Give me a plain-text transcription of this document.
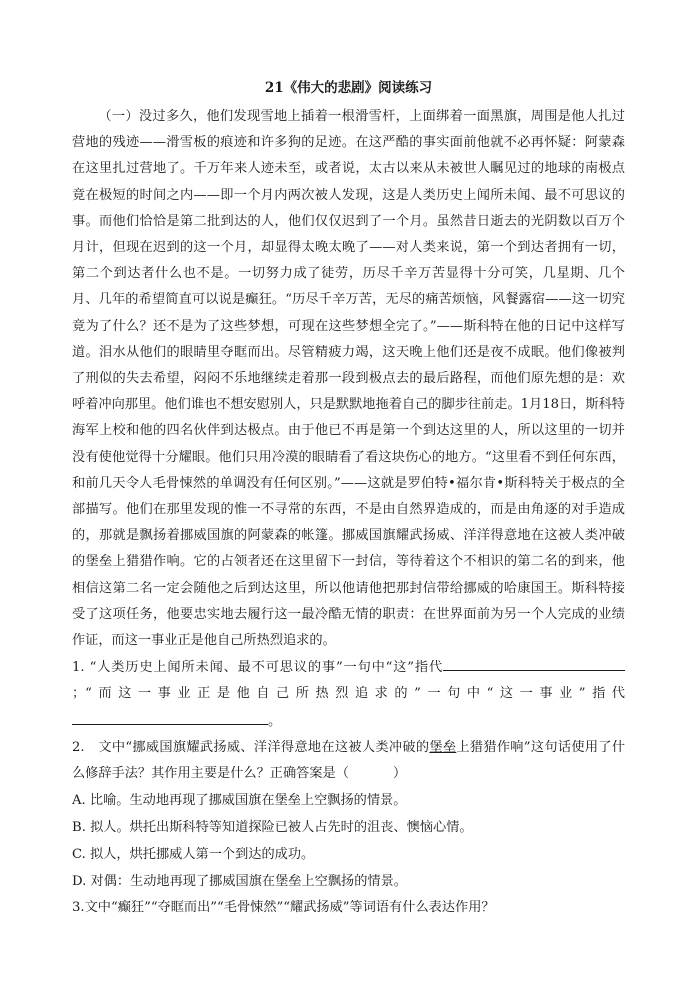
21《伟大的悲剧》阅读练习

（一）没过多久，他们发现雪地上插着一根滑雪杆，上面绑着一面黑旗，周围是他人扎过营地的残迹——滑雪板的痕迹和许多狗的足迹。在这严酷的事实面前他就不必再怀疑：阿蒙森在这里扎过营地了。千万年来人迹未至，或者说，太古以来从未被世人瞩见过的地球的南极点竟在极短的时间之内——即一个月内两次被人发现，这是人类历史上闻所未闻、最不可思议的事。而他们恰恰是第二批到达的人，他们仅仅迟到了一个月。虽然昔日逝去的光阴数以百万个月计，但现在迟到的这一个月，却显得太晚太晚了——对人类来说，第一个到达者拥有一切，第二个到达者什么也不是。一切努力成了徒劳，历尽千辛万苦显得十分可笑，几星期、几个月、几年的希望简直可以说是癫狂。“历尽千辛万苦，无尽的痛苦烦恼，风餐露宿——这一切究竟为了什么？还不是为了这些梦想，可现在这些梦想全完了。”——斯科特在他的日记中这样写道。泪水从他们的眼睛里夺眶而出。尽管精疲力竭，这天晚上他们还是夜不成眠。他们像被判了刑似的失去希望，闷闷不乐地继续走着那一段到极点去的最后路程，而他们原先想的是：欢呼着冲向那里。他们谁也不想安慰别人，只是默默地拖着自己的脚步往前走。1月18日，斯科特海军上校和他的四名伙伴到达极点。由于他已不再是第一个到达这里的人，所以这里的一切并没有使他觉得十分耀眼。他们只用冷漠的眼睛看了看这块伤心的地方。“这里看不到任何东西，和前几天令人毛骨悚然的单调没有任何区别。”——这就是罗伯特•福尔肯•斯科特关于极点的全部描写。他们在那里发现的惟一不寻常的东西，不是由自然界造成的，而是由角逐的对手造成的，那就是飘扬着挪威国旗的阿蒙森的帐篷。挪威国旗耀武扬威、洋洋得意地在这被人类冲破的堡垒上猎猎作响。它的占领者还在这里留下一封信，等待着这个不相识的第二名的到来，他相信这第二名一定会随他之后到达这里，所以他请他把那封信带给挪威的哈康国王。斯科特接受了这项任务，他要忠实地去履行这一最冷酷无情的职责：在世界面前为另一个人完成的业绩作证，而这一事业正是他自己所热烈追求的。

1. “人类历史上闻所未闻、最不可思议的事”一句中“这”指代；“而这一事业正是他自己所热烈追求的”一句中“这一事业”指代。

2.　文中“挪威国旗耀武扬威、洋洋得意地在这被人类冲破的堡垒上猎猎作响”这句话使用了什么修辞手法？其作用主要是什么？正确答案是（	）

A. 比喻。生动地再现了挪威国旗在堡垒上空飘扬的情景。

B. 拟人。烘托出斯科特等知道探险已被人占先时的沮丧、懊恼心情。

C. 拟人，烘托挪威人第一个到达的成功。

D. 对偶：生动地再现了挪威国旗在堡垒上空飘扬的情景。

3.文中“癫狂”“夺眶而出”“毛骨悚然”“耀武扬威”等词语有什么表达作用？
